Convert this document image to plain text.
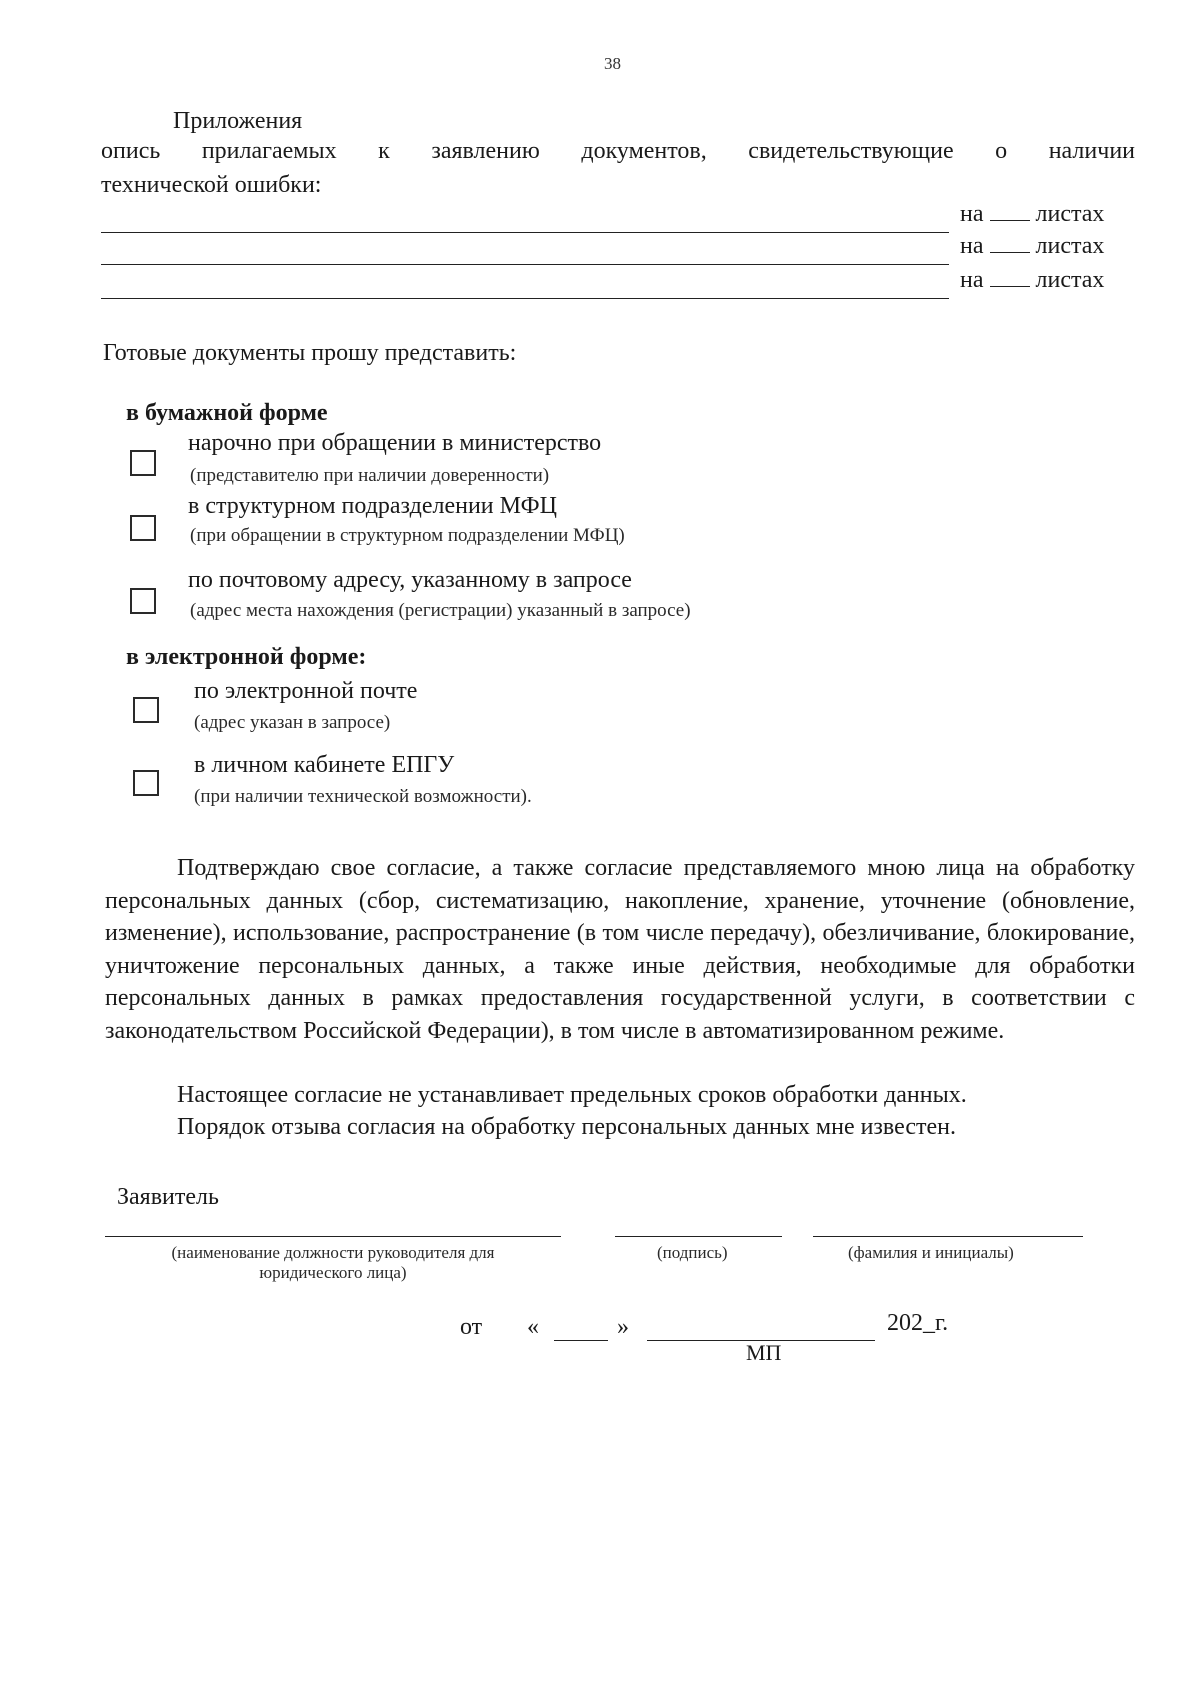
38
Приложения
опись прилагаемых к заявлению документов, свидетельствующие о наличии
технической ошибки:
на листах
на листах
на листах
Готовые документы прошу представить:
в бумажной форме
нарочно при обращении в министерство
(представителю при наличии доверенности)
в структурном подразделении МФЦ
(при обращении в структурном подразделении МФЦ)
по почтовому адресу, указанному в запросе
(адрес места нахождения (регистрации) указанный в запросе)
в электронной форме:
по электронной почте
(адрес указан в запросе)
в личном кабинете ЕПГУ
(при наличии технической возможности).
Подтверждаю свое согласие, а также согласие представляемого мною лица на обработку персональных данных (сбор, систематизацию, накопление, хранение, уточнение (обновление, изменение), использование, распространение (в том числе передачу), обезличивание, блокирование, уничтожение персональных данных, а также иные действия, необходимые для обработки персональных данных в рамках предоставления государственной услуги, в соответствии с законодательством Российской Федерации), в том числе в автоматизированном режиме.
Настоящее согласие не устанавливает предельных сроков обработки данных.
Порядок отзыва согласия на обработку персональных данных мне известен.
Заявитель
(наименование должности руководителя для
юридического лица)
(подпись)	(фамилия и инициалы)
от «	»	202_г.
МП
